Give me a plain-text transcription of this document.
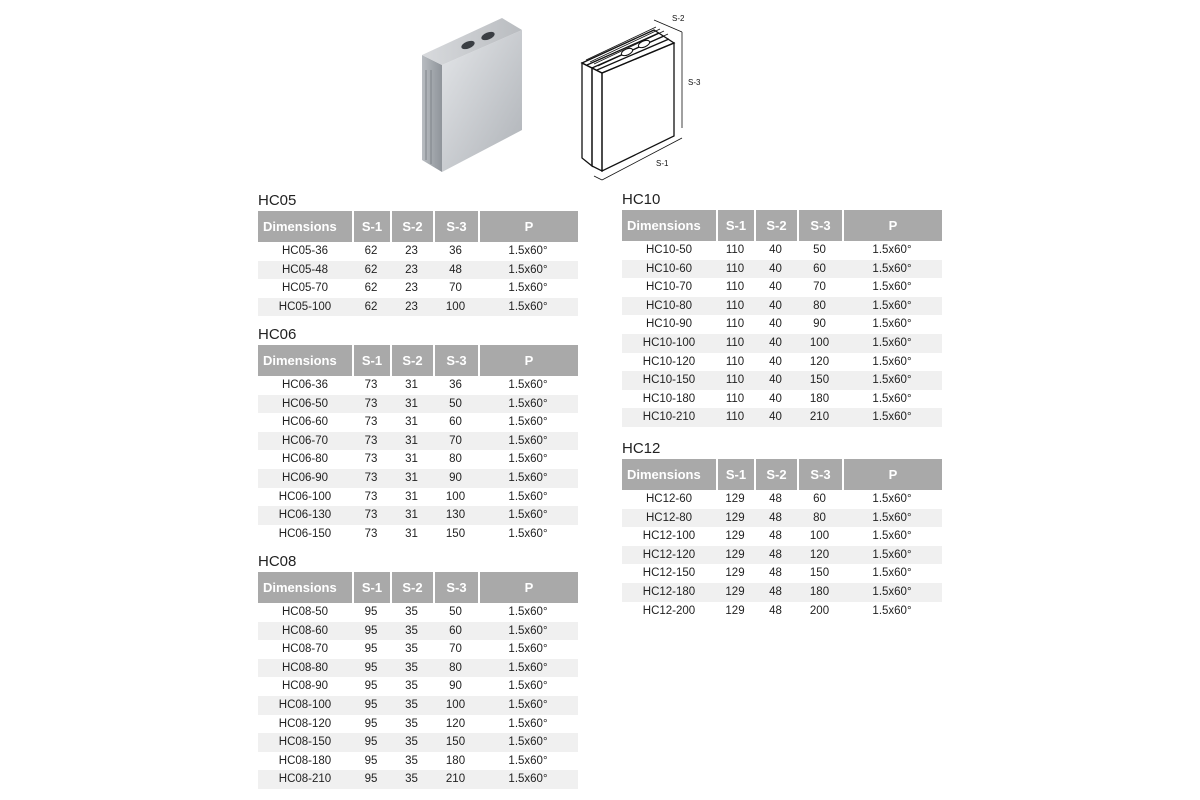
S-2
S-3
S-1
HC05
Dimensions	S-1	S-2	S-3	P
HC05-36	62	23	36	1.5x60°
HC05-48	62	23	48	1.5x60°
HC05-70	62	23	70	1.5x60°
HC05-100	62	23	100	1.5x60°
HC06
Dimensions	S-1	S-2	S-3	P
HC06-36	73	31	36	1.5x60°
HC06-50	73	31	50	1.5x60°
HC06-60	73	31	60	1.5x60°
HC06-70	73	31	70	1.5x60°
HC06-80	73	31	80	1.5x60°
HC06-90	73	31	90	1.5x60°
HC06-100	73	31	100	1.5x60°
HC06-130	73	31	130	1.5x60°
HC06-150	73	31	150	1.5x60°
HC08
Dimensions	S-1	S-2	S-3	P
HC08-50	95	35	50	1.5x60°
HC08-60	95	35	60	1.5x60°
HC08-70	95	35	70	1.5x60°
HC08-80	95	35	80	1.5x60°
HC08-90	95	35	90	1.5x60°
HC08-100	95	35	100	1.5x60°
HC08-120	95	35	120	1.5x60°
HC08-150	95	35	150	1.5x60°
HC08-180	95	35	180	1.5x60°
HC08-210	95	35	210	1.5x60°
HC10
Dimensions	S-1	S-2	S-3	P
HC10-50	110	40	50	1.5x60°
HC10-60	110	40	60	1.5x60°
HC10-70	110	40	70	1.5x60°
HC10-80	110	40	80	1.5x60°
HC10-90	110	40	90	1.5x60°
HC10-100	110	40	100	1.5x60°
HC10-120	110	40	120	1.5x60°
HC10-150	110	40	150	1.5x60°
HC10-180	110	40	180	1.5x60°
HC10-210	110	40	210	1.5x60°
HC12
Dimensions	S-1	S-2	S-3	P
HC12-60	129	48	60	1.5x60°
HC12-80	129	48	80	1.5x60°
HC12-100	129	48	100	1.5x60°
HC12-120	129	48	120	1.5x60°
HC12-150	129	48	150	1.5x60°
HC12-180	129	48	180	1.5x60°
HC12-200	129	48	200	1.5x60°
